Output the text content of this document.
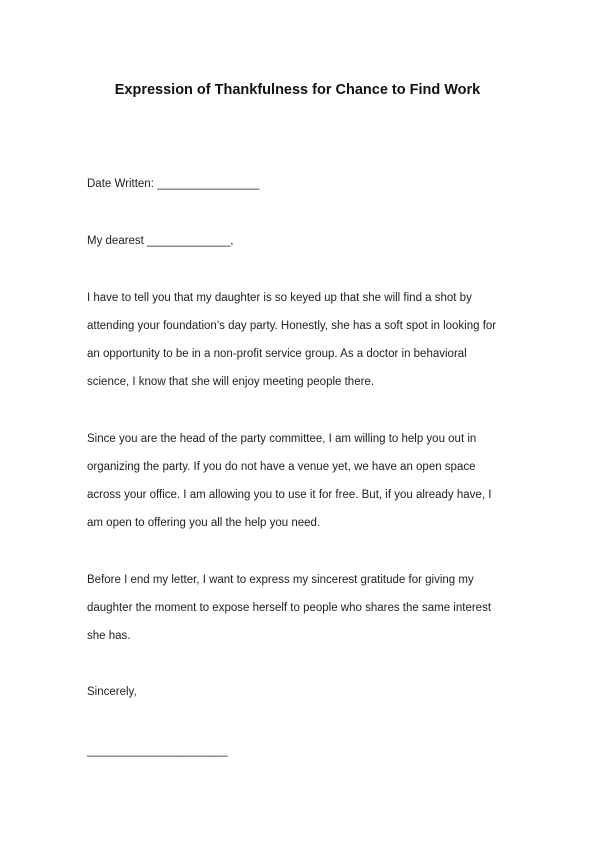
Expression of Thankfulness for Chance to Find Work
Date Written: ________________
My dearest _____________,

I have to tell you that my daughter is so keyed up that she will find a shot by

attending your foundation’s day party. Honestly, she has a soft spot in looking for

an opportunity to be in a non-profit service group. As a doctor in behavioral

science, I know that she will enjoy meeting people there.

Since you are the head of the party committee, I am willing to help you out in

organizing the party. If you do not have a venue yet, we have an open space

across your office. I am allowing you to use it for free. But, if you already have, I

am open to offering you all the help you need.

Before I end my letter, I want to express my sincerest gratitude for giving my

daughter the moment to expose herself to people who shares the same interest

she has.

Sincerely,
______________________
